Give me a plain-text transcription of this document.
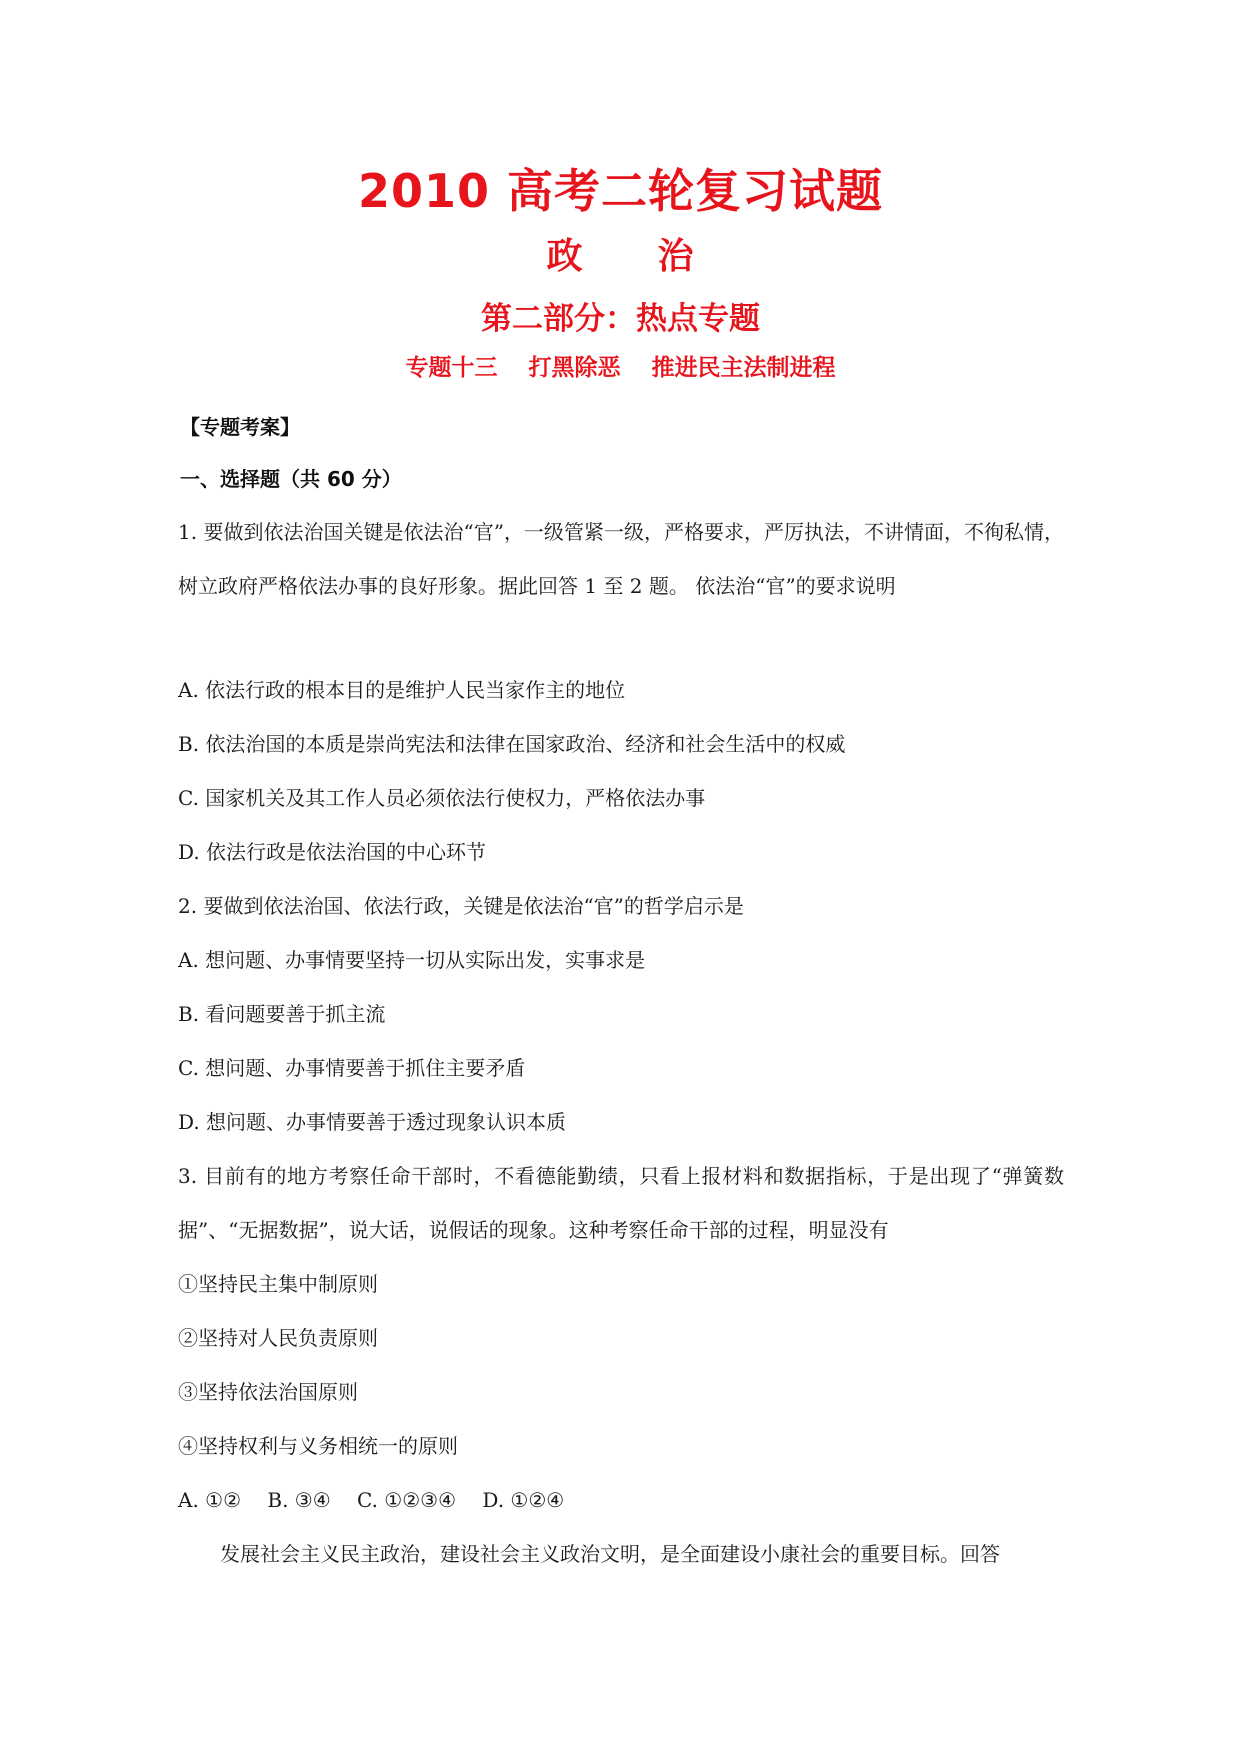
2010 高考二轮复习试题
政　　治
第二部分：热点专题
专题十三　 打黑除恶　 推进民主法制进程
【专题考案】
一、选择题（共 60 分）
1. 要做到依法治国关键是依法治“官”，一级管紧一级，严格要求，严厉执法，不讲情面，不徇私情，树立政府严格依法办事的良好形象。据此回答 1 至 2 题。 依法治“官”的要求说明
A. 依法行政的根本目的是维护人民当家作主的地位
B. 依法治国的本质是崇尚宪法和法律在国家政治、经济和社会生活中的权威
C. 国家机关及其工作人员必须依法行使权力，严格依法办事
D. 依法行政是依法治国的中心环节
2. 要做到依法治国、依法行政，关键是依法治“官”的哲学启示是
A. 想问题、办事情要坚持一切从实际出发，实事求是
B. 看问题要善于抓主流
C. 想问题、办事情要善于抓住主要矛盾
D. 想问题、办事情要善于透过现象认识本质
3. 目前有的地方考察任命干部时，不看德能勤绩，只看上报材料和数据指标，于是出现了“弹簧数据”、“无据数据”，说大话，说假话的现象。这种考察任命干部的过程，明显没有
①坚持民主集中制原则
②坚持对人民负责原则
③坚持依法治国原则
④坚持权利与义务相统一的原则
A. ①②　 B. ③④　 C. ①②③④　 D. ①②④
发展社会主义民主政治，建设社会主义政治文明，是全面建设小康社会的重要目标。回答
